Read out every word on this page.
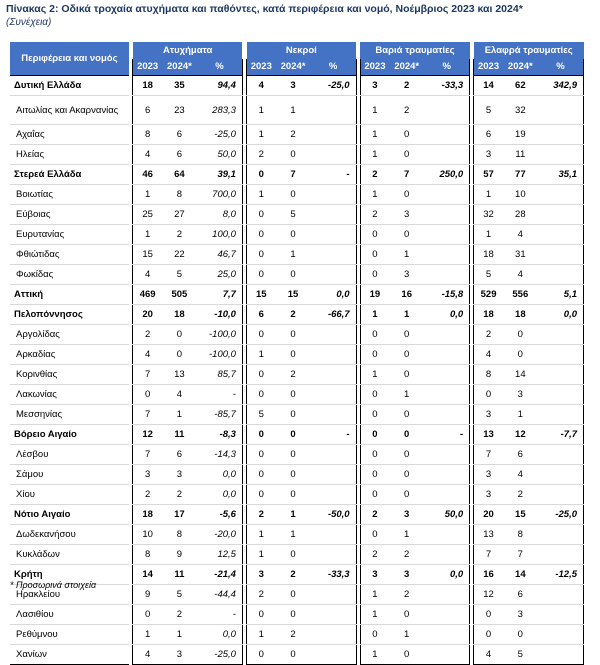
Πίνακας 2: Οδικά τροχαία ατυχήματα και παθόντες, κατά περιφέρεια και νομό, Νοέμβριος 2023 και 2024*
(Συνέχεια)
Περιφέρεια και νομός		Ατυχήματα				Νεκροί				Βαριά τραυματίες				Ελαφρά τραυματίες		
		2023	2024*	%		2023	2024*	%		2023	2024*	%		2023	2024*	%
Δυτική Ελλάδα		18	35	94,4		4	3	-25,0		3	2	-33,3		14	62	342,9
Αιτωλίας και Ακαρνανίας		6	23	283,3		1	1			1	2			5	32	
Αχαΐας		8	6	-25,0		1	2			1	0			6	19	
Ηλείας		4	6	50,0		2	0			1	0			3	11	
Στερεά Ελλάδα		46	64	39,1		0	7	-		2	7	250,0		57	77	35,1
Βοιωτίας		1	8	700,0		1	0			1	0			1	10	
Εύβοιας		25	27	8,0		0	5			2	3			32	28	
Ευρυτανίας		1	2	100,0		0	0			0	0			1	4	
Φθιώτιδας		15	22	46,7		0	1			0	1			18	31	
Φωκίδας		4	5	25,0		0	0			0	3			5	4	
Αττική		469	505	7,7		15	15	0,0		19	16	-15,8		529	556	5,1
Πελοπόννησος		20	18	-10,0		6	2	-66,7		1	1	0,0		18	18	0,0
Αργολίδας		2	0	-100,0		0	0			0	0			2	0	
Αρκαδίας		4	0	-100,0		1	0			0	0			4	0	
Κορινθίας		7	13	85,7		0	2			1	0			8	14	
Λακωνίας		0	4	-		0	0			0	1			0	3	
Μεσσηνίας		7	1	-85,7		5	0			0	0			3	1	
Βόρειο Αιγαίο		12	11	-8,3		0	0	-		0	0	-		13	12	-7,7
Λέσβου		7	6	-14,3		0	0			0	0			7	6	
Σάμου		3	3	0,0		0	0			0	0			3	4	
Χίου		2	2	0,0		0	0			0	0			3	2	
Νότιο Αιγαίο		18	17	-5,6		2	1	-50,0		2	3	50,0		20	15	-25,0
Δωδεκανήσου		10	8	-20,0		1	1			0	1			13	8	
Κυκλάδων		8	9	12,5		1	0			2	2			7	7	
Κρήτη		14	11	-21,4		3	2	-33,3		3	3	0,0		16	14	-12,5
Ηρακλείου		9	5	-44,4		2	0			1	2			12	6	
Λασιθίου		0	2	-		0	0			1	0			0	3	
Ρεθύμνου		1	1	0,0		1	2			0	1			0	0	
Χανίων		4	3	-25,0		0	0			1	0			4	5	
* Προσωρινά στοιχεία
